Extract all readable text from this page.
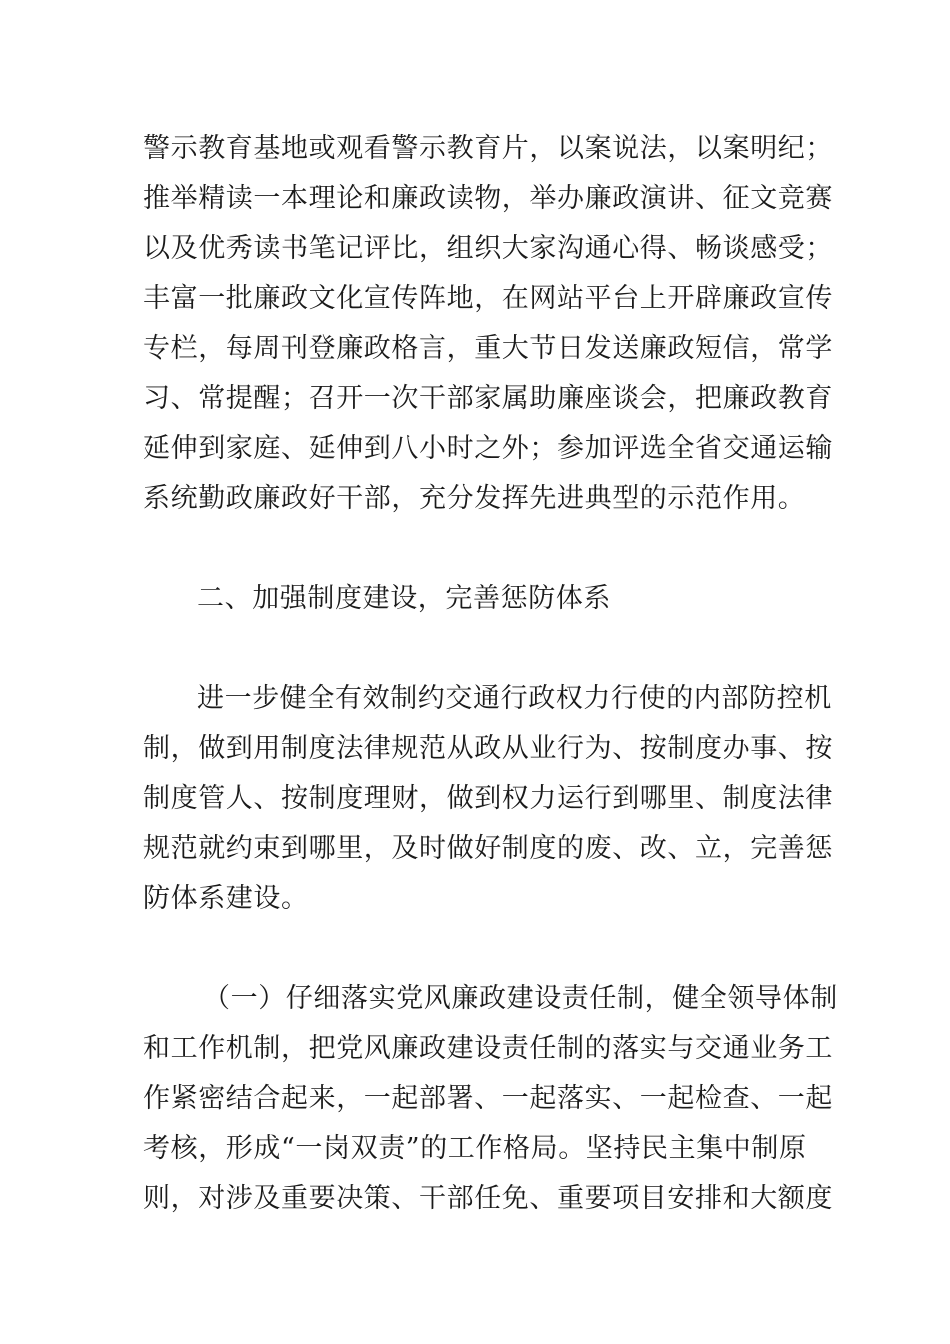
警示教育基地或观看警示教育片，以案说法，以案明纪；

推举精读一本理论和廉政读物，举办廉政演讲、征文竞赛

以及优秀读书笔记评比，组织大家沟通心得、畅谈感受；

丰富一批廉政文化宣传阵地，在网站平台上开辟廉政宣传

专栏，每周刊登廉政格言，重大节日发送廉政短信，常学

习、常提醒；召开一次干部家属助廉座谈会，把廉政教育

延伸到家庭、延伸到八小时之外；参加评选全省交通运输

系统勤政廉政好干部，充分发挥先进典型的示范作用。

二、加强制度建设，完善惩防体系

进一步健全有效制约交通行政权力行使的内部防控机

制，做到用制度法律规范从政从业行为、按制度办事、按

制度管人、按制度理财，做到权力运行到哪里、制度法律

规范就约束到哪里，及时做好制度的废、改、立，完善惩

防体系建设。

（一）仔细落实党风廉政建设责任制，健全领导体制

和工作机制，把党风廉政建设责任制的落实与交通业务工

作紧密结合起来，一起部署、一起落实、一起检查、一起

考核，形成“一岗双责”的工作格局。坚持民主集中制原

则，对涉及重要决策、干部任免、重要项目安排和大额度
